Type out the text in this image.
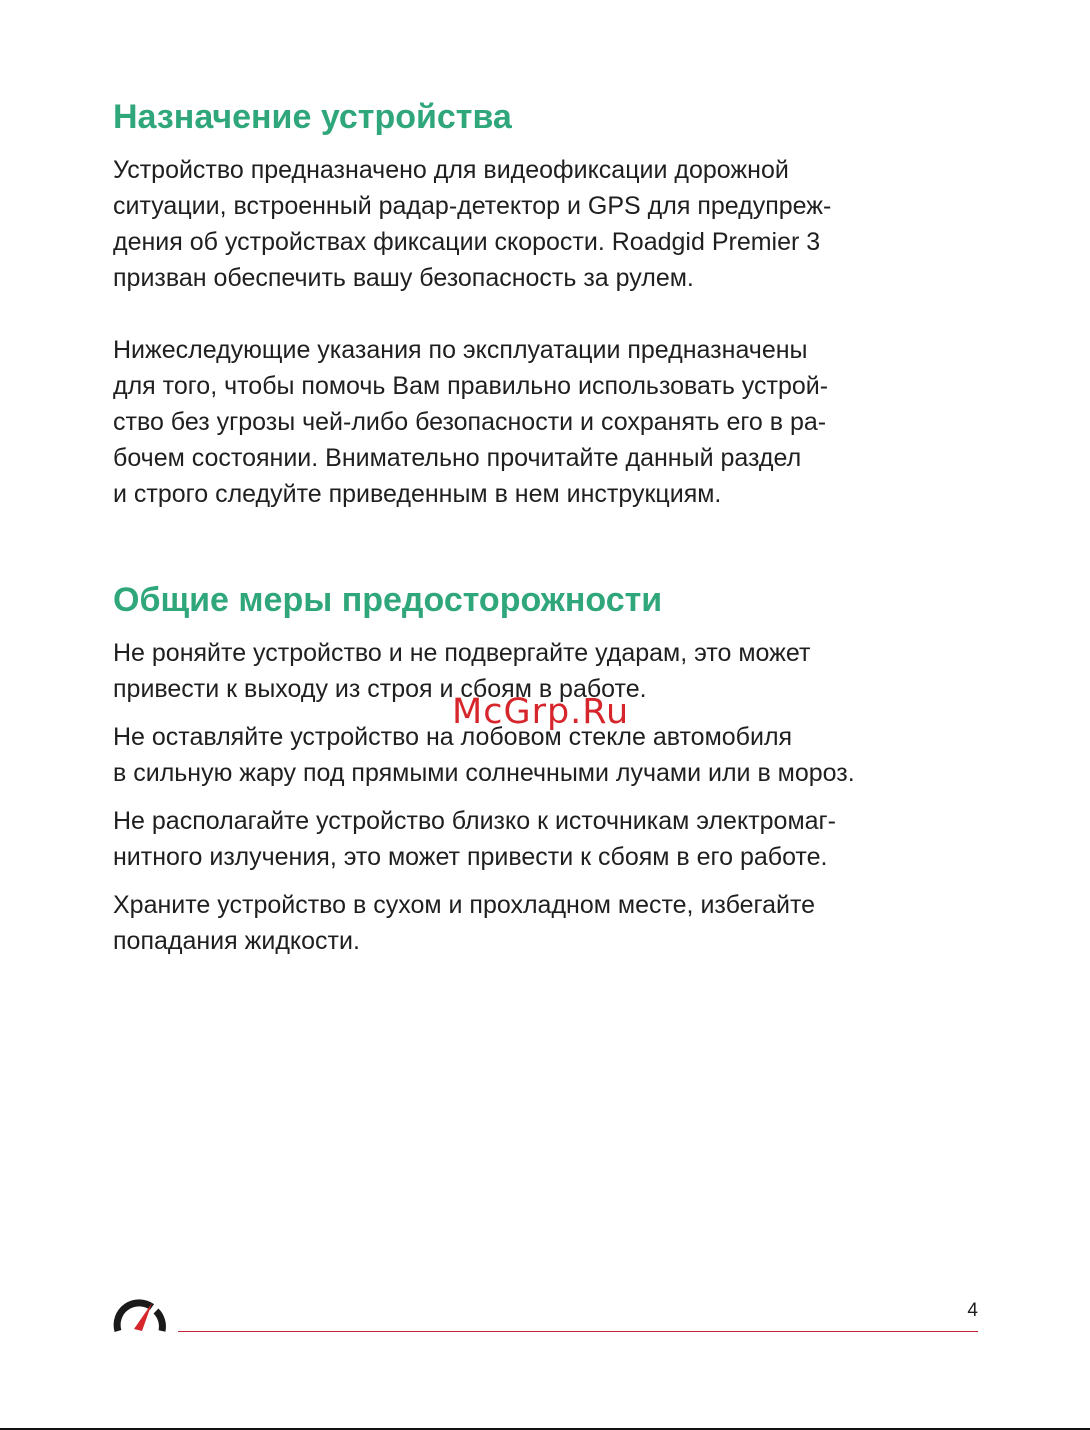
Назначение устройства

Устройство предназначено для видеофиксации дорожной
ситуации, встроенный радар-детектор и GPS для предупреж-
дения об устройствах фиксации скорости. Roadgid Premier 3
призван обеспечить вашу безопасность за рулем.

Нижеследующие указания по эксплуатации предназначены
для того, чтобы помочь Вам правильно использовать устрой-
ство без угрозы чей-либо безопасности и сохранять его в ра-
бочем состоянии. Внимательно прочитайте данный раздел
и строго следуйте приведенным в нем инструкциям.

Общие меры предосторожности

Не роняйте устройство и не подвергайте ударам, это может
привести к выходу из строя и сбоям в работе.

Не оставляйте устройство на лобовом стекле автомобиля
в сильную жару под прямыми солнечными лучами или в мороз.

Не располагайте устройство близко к источникам электромаг-
нитного излучения, это может привести к сбоям в его работе.

Храните устройство в сухом и прохладном месте, избегайте
попадания жидкости.

McGrp.Ru
4
